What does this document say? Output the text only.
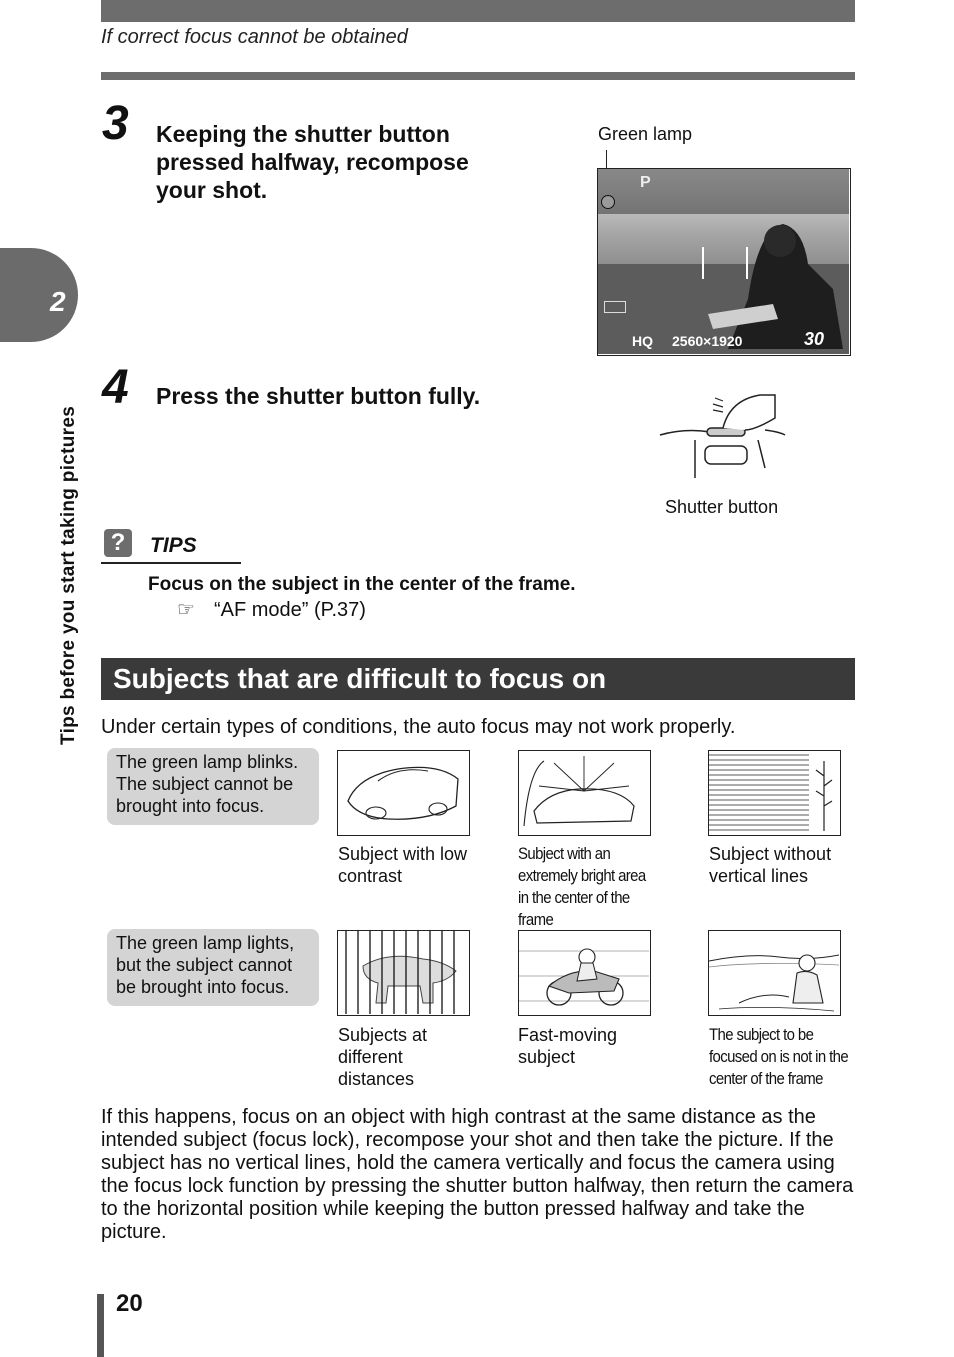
If correct focus cannot be obtained
2
Tips before you start taking pictures
3 Keeping the shutter button pressed halfway, recompose your shot.
Green lamp
P
HQ 2560×1920	30
4 Press the shutter button fully.
Shutter button
?	TIPS
Focus on the subject in the center of the frame.
☞ “AF mode” (P.37)
Subjects that are difficult to focus on
Under certain types of conditions, the auto focus may not work properly.
The green lamp blinks. The subject cannot be brought into focus.
Subject with low contrast
Subject with an extremely bright area in the center of the frame
Subject without vertical lines
The green lamp lights, but the subject cannot be brought into focus.
Subjects at different distances
Fast-moving subject
The subject to be focused on is not in the center of the frame
If this happens, focus on an object with high contrast at the same distance as the intended subject (focus lock), recompose your shot and then take the picture. If the subject has no vertical lines, hold the camera vertically and focus the camera using the focus lock function by pressing the shutter button halfway, then return the camera to the horizontal position while keeping the button pressed halfway and take the picture.
20
